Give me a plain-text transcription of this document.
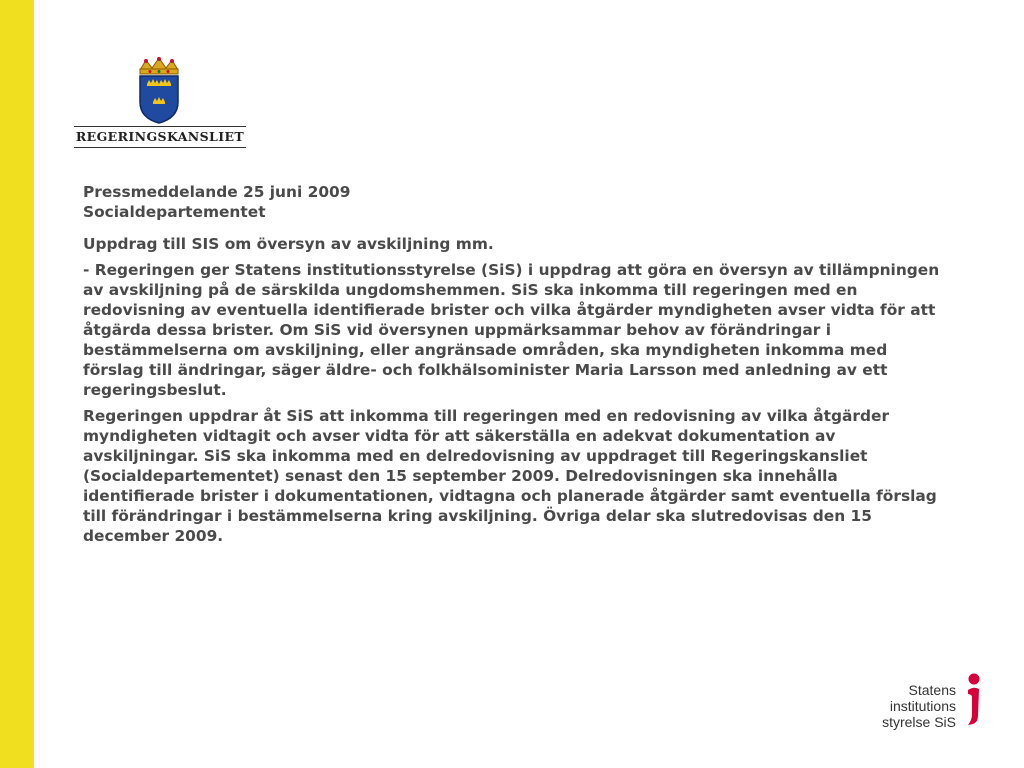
REGERINGSKANSLIET

Pressmeddelande 25 juni 2009

Socialdepartementet

Uppdrag till SIS om översyn av avskiljning mm.

- Regeringen ger Statens institutionsstyrelse (SiS) i uppdrag att göra en översyn av tillämpningen av avskiljning på de särskilda ungdomshemmen. SiS ska inkomma till regeringen med en redovisning av eventuella identifierade brister och vilka åtgärder myndigheten avser vidta för att åtgärda dessa brister. Om SiS vid översynen uppmärksammar behov av förändringar i bestämmelserna om avskiljning, eller angränsade områden, ska myndigheten inkomma med förslag till ändringar, säger äldre- och folkhälsominister Maria Larsson med anledning av ett regeringsbeslut.

Regeringen uppdrar åt SiS att inkomma till regeringen med en redovisning av vilka åtgärder myndigheten vidtagit och avser vidta för att säkerställa en adekvat dokumentation av avskiljningar. SiS ska inkomma med en delredovisning av uppdraget till Regeringskansliet (Socialdepartementet) senast den 15 september 2009. Delredovisningen ska innehålla identifierade brister i dokumentationen, vidtagna och planerade åtgärder samt eventuella förslag till förändringar i bestämmelserna kring avskiljning. Övriga delar ska slutredovisas den 15 december 2009.

Statens
institutions
styrelse SiS
